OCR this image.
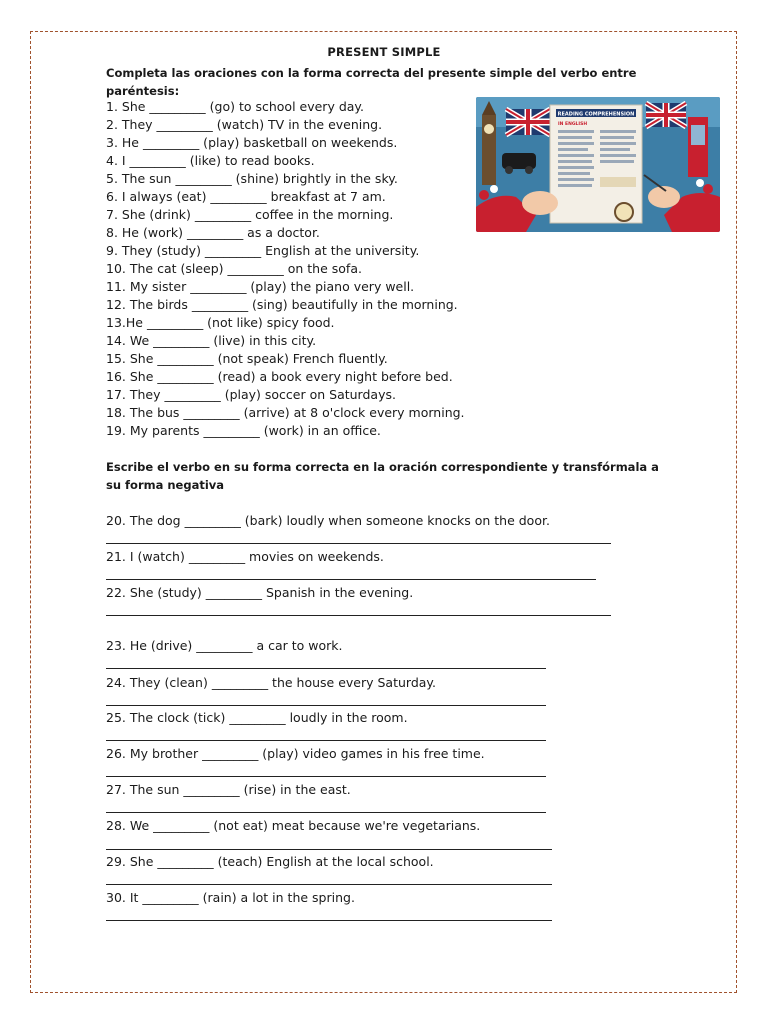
PRESENT SIMPLE
Completa las oraciones con la forma correcta del presente simple del verbo entre paréntesis:
READING COMPREHENSION
IN ENGLISH
1. She _________ (go) to school every day.
2. They _________ (watch) TV in the evening.
3. He _________ (play) basketball on weekends.
4. I _________ (like) to read books.
5. The sun _________ (shine) brightly in the sky.
6. I always (eat) _________ breakfast at 7 am.
7. She (drink) _________ coffee in the morning.
8. He (work) _________ as a doctor.
9. They (study) _________ English at the university.
10. The cat (sleep) _________ on the sofa.
11. My sister _________ (play) the piano very well.
12. The birds _________ (sing) beautifully in the morning.
13.He _________ (not like) spicy food.
14. We _________ (live) in this city.
15. She _________ (not speak) French fluently.
16. She _________ (read) a book every night before bed.
17. They _________ (play) soccer on Saturdays.
18. The bus _________ (arrive) at 8 o'clock every morning.
19. My parents _________ (work) in an office.
Escribe el verbo en su forma correcta en la oración correspondiente y transfórmala a su forma negativa
20. The dog _________ (bark) loudly when someone knocks on the door.
21. I (watch) _________ movies on weekends.
22. She (study) _________ Spanish in the evening.
23. He (drive) _________ a car to work.
24. They (clean) _________ the house every Saturday.
25. The clock (tick) _________ loudly in the room.
26. My brother _________ (play) video games in his free time.
27. The sun _________ (rise) in the east.
28. We _________ (not eat) meat because we're vegetarians.
29. She _________ (teach) English at the local school.
30. It _________ (rain) a lot in the spring.
